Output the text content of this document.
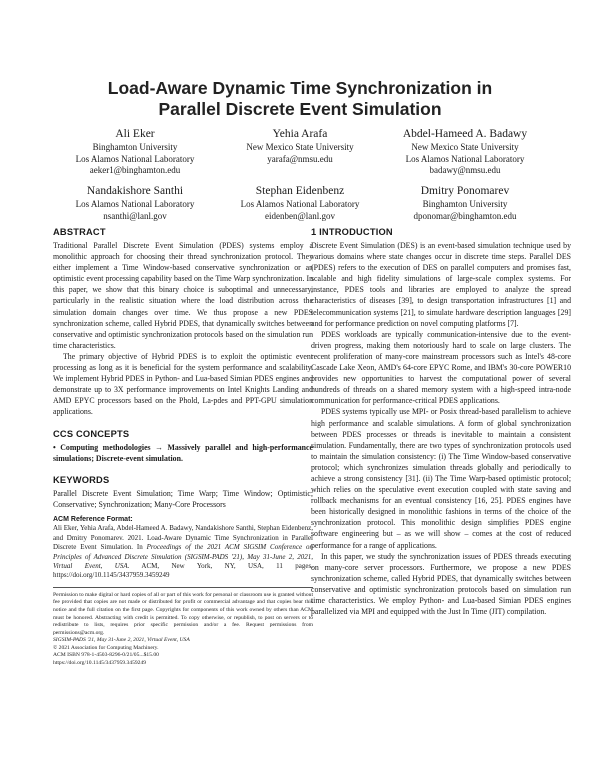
Load-Aware Dynamic Time Synchronization in
Parallel Discrete Event Simulation
Ali Eker
Binghamton University
Los Alamos National Laboratory
aeker1@binghamton.edu
Yehia Arafa
New Mexico State University
yarafa@nmsu.edu
Abdel-Hameed A. Badawy
New Mexico State University
Los Alamos National Laboratory
badawy@nmsu.edu
Nandakishore Santhi
Los Alamos National Laboratory
nsanthi@lanl.gov
Stephan Eidenbenz
Los Alamos National Laboratory
eidenben@lanl.gov
Dmitry Ponomarev
Binghamton University
dponomar@binghamton.edu
ABSTRACT

Traditional Parallel Discrete Event Simulation (PDES) systems employ a monolithic approach for choosing their thread synchronization protocol. They either implement a Time Window-based conservative synchronization or an optimistic event processing capability based on the Time Warp synchronization. In this paper, we show that this binary choice is suboptimal and unnecessary, particularly in the realistic situation where the load distribution across the simulation domain changes over time. We thus propose a new PDES synchronization scheme, called Hybrid PDES, that dynamically switches between conservative and optimistic synchronization protocols based on the simulation run time characteristics.

The primary objective of Hybrid PDES is to exploit the optimistic event processing as long as it is beneficial for the system performance and scalability. We implement Hybrid PDES in Python- and Lua-based Simian PDES engines and demonstrate up to 3X performance improvements on Intel Knights Landing and AMD EPYC processors based on the Phold, La-pdes and PPT-GPU simulation applications.

CCS CONCEPTS

• Computing methodologies → Massively parallel and high-performance simulations; Discrete-event simulation.

KEYWORDS

Parallel Discrete Event Simulation; Time Warp; Time Window; Optimistic; Conservative; Synchronization; Many-Core Processors

ACM Reference Format:

Ali Eker, Yehia Arafa, Abdel-Hameed A. Badawy, Nandakishore Santhi, Stephan Eidenbenz, and Dmitry Ponomarev. 2021. Load-Aware Dynamic Time Synchronization in Parallel Discrete Event Simulation. In Proceedings of the 2021 ACM SIGSIM Conference on Principles of Advanced Discrete Simulation (SIGSIM-PADS '21), May 31-June 2, 2021, Virtual Event, USA. ACM, New York, NY, USA, 11 pages. https://doi.org/10.1145/3437959.3459249

Permission to make digital or hard copies of all or part of this work for personal or classroom use is granted without fee provided that copies are not made or distributed for profit or commercial advantage and that copies bear this notice and the full citation on the first page. Copyrights for components of this work owned by others than ACM must be honored. Abstracting with credit is permitted. To copy otherwise, or republish, to post on servers or to redistribute to lists, requires prior specific permission and/or a fee. Request permissions from permissions@acm.org.

SIGSIM-PADS '21, May 31-June 2, 2021, Virtual Event, USA
© 2021 Association for Computing Machinery.
ACM ISBN 978-1-4503-8296-0/21/05...$15.00
https://doi.org/10.1145/3437959.3459249
1 INTRODUCTION

Discrete Event Simulation (DES) is an event-based simulation technique used by various domains where state changes occur in discrete time steps. Parallel DES (PDES) refers to the execution of DES on parallel computers and promises fast, scalable and high fidelity simulations of large-scale complex systems. For instance, PDES tools and libraries are employed to analyze the spread characteristics of diseases [39], to design transportation infrastructures [1] and telecommunication systems [21], to simulate hardware description languages [29] and for performance prediction on novel computing platforms [7].

PDES workloads are typically communication-intensive due to the event-driven progress, making them notoriously hard to scale on large clusters. The recent proliferation of many-core mainstream processors such as Intel's 48-core Cascade Lake Xeon, AMD's 64-core EPYC Rome, and IBM's 30-core POWER10 provides new opportunities to harvest the computational power of several hundreds of threads on a shared memory system with a high-speed intra-node communication for performance-critical PDES applications.

PDES systems typically use MPI- or Posix thread-based parallelism to achieve high performance and scalable simulations. A form of global synchronization between PDES processes or threads is inevitable to maintain a consistent simulation. Fundamentally, there are two types of synchronization protocols used to maintain the simulation consistency: (i) The Time Window-based conservative protocol; which synchronizes simulation threads globally and periodically to achieve a strong consistency [31]. (ii) The Time Warp-based optimistic protocol; which relies on the speculative event execution coupled with state saving and rollback mechanisms for an eventual consistency [16, 25]. PDES engines have been historically designed in monolithic fashions in terms of the choice of the synchronization protocol. This monolithic design simplifies PDES engine software engineering but – as we will show – comes at the cost of reduced performance for a range of applications.

In this paper, we study the synchronization issues of PDES threads executing on many-core server processors. Furthermore, we propose a new PDES synchronization scheme, called Hybrid PDES, that dynamically switches between conservative and optimistic synchronization protocols based on simulation run time characteristics. We employ Python- and Lua-based Simian PDES engines parallelized via MPI and equipped with the Just In Time (JIT) compilation.
